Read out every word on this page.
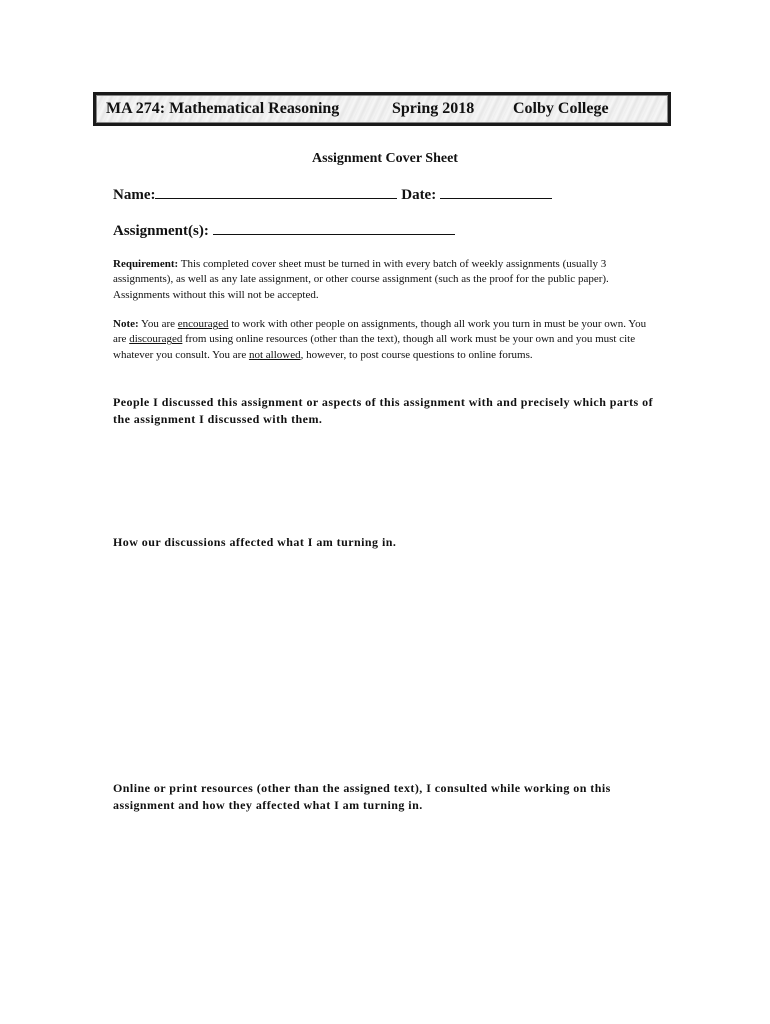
MA 274: Mathematical Reasoning	Spring 2018 Colby College
Assignment Cover Sheet
Name:	Date:
Assignment(s):
Requirement: This completed cover sheet must be turned in with every batch of weekly assignments (usually 3 assignments), as well as any late assignment, or other course assignment (such as the proof for the public paper). Assignments without this will not be accepted.
Note: You are encouraged to work with other people on assignments, though all work you turn in must be your own. You are discouraged from using online resources (other than the text), though all work must be your own and you must cite whatever you consult. You are not allowed, however, to post course questions to online forums.
People I discussed this assignment or aspects of this assignment with and precisely which parts of the assignment I discussed with them.
How our discussions affected what I am turning in.
Online or print resources (other than the assigned text), I consulted while working on this assignment and how they affected what I am turning in.
